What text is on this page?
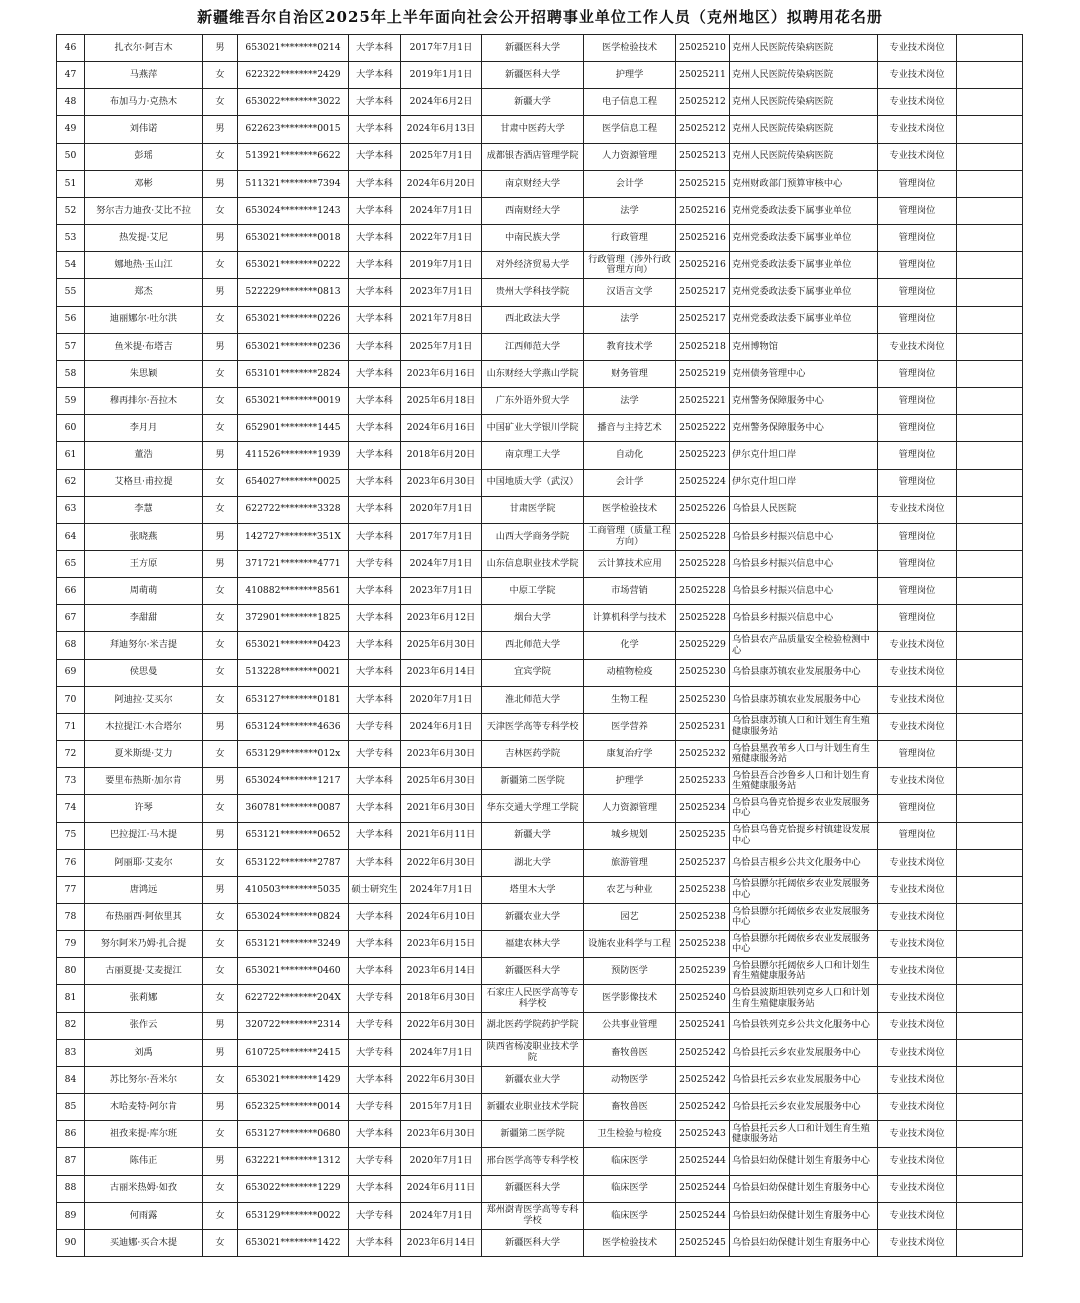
新疆维吾尔自治区2025年上半年面向社会公开招聘事业单位工作人员（克州地区）拟聘用花名册
46	扎衣尔·阿吉木	男	653021********0214	大学本科	2017年7月1日	新疆医科大学	医学检验技术	25025210	克州人民医院传染病医院	专业技术岗位	
47	马燕萍	女	622322********2429	大学本科	2019年1月1日	新疆医科大学	护理学	25025211	克州人民医院传染病医院	专业技术岗位	
48	布加马力·克热木	女	653022********3022	大学本科	2024年6月2日	新疆大学	电子信息工程	25025212	克州人民医院传染病医院	专业技术岗位	
49	刘伟诺	男	622623********0015	大学本科	2024年6月13日	甘肃中医药大学	医学信息工程	25025212	克州人民医院传染病医院	专业技术岗位	
50	彭瑶	女	513921********6622	大学本科	2025年7月1日	成都银杏酒店管理学院	人力资源管理	25025213	克州人民医院传染病医院	专业技术岗位	
51	邓彬	男	511321********7394	大学本科	2024年6月20日	南京财经大学	会计学	25025215	克州财政部门预算审核中心	管理岗位	
52	努尔吉力迪孜·艾比不拉	女	653024********1243	大学本科	2024年7月1日	西南财经大学	法学	25025216	克州党委政法委下属事业单位	管理岗位	
53	热发提·艾尼	男	653021********0018	大学本科	2022年7月1日	中南民族大学	行政管理	25025216	克州党委政法委下属事业单位	管理岗位	
54	娜地热·玉山江	女	653021********0222	大学本科	2019年7月1日	对外经济贸易大学	行政管理（涉外行政管理方向）	25025216	克州党委政法委下属事业单位	管理岗位	
55	郑杰	男	522229********0813	大学本科	2023年7月1日	贵州大学科技学院	汉语言文学	25025217	克州党委政法委下属事业单位	管理岗位	
56	迪丽娜尔·吐尔洪	女	653021********0226	大学本科	2021年7月8日	西北政法大学	法学	25025217	克州党委政法委下属事业单位	管理岗位	
57	鱼米提·布塔吉	男	653021********0236	大学本科	2025年7月1日	江西师范大学	教育技术学	25025218	克州博物馆	专业技术岗位	
58	朱思颖	女	653101********2824	大学本科	2023年6月16日	山东财经大学燕山学院	财务管理	25025219	克州债务管理中心	管理岗位	
59	穆再排尔·吾拉木	女	653021********0019	大学本科	2025年6月18日	广东外语外贸大学	法学	25025221	克州警务保障服务中心	管理岗位	
60	李月月	女	652901********1445	大学本科	2024年6月16日	中国矿业大学银川学院	播音与主持艺术	25025222	克州警务保障服务中心	管理岗位	
61	董浩	男	411526********1939	大学本科	2018年6月20日	南京理工大学	自动化	25025223	伊尔克什坦口岸	管理岗位	
62	艾格旦·甫拉提	女	654027********0025	大学本科	2023年6月30日	中国地质大学（武汉）	会计学	25025224	伊尔克什坦口岸	管理岗位	
63	李慧	女	622722********3328	大学本科	2020年7月1日	甘肃医学院	医学检验技术	25025226	乌恰县人民医院	专业技术岗位	
64	张晓燕	男	142727********351X	大学本科	2017年7月1日	山西大学商务学院	工商管理（质量工程方向）	25025228	乌恰县乡村振兴信息中心	管理岗位	
65	王方原	男	371721********4771	大学专科	2024年7月1日	山东信息职业技术学院	云计算技术应用	25025228	乌恰县乡村振兴信息中心	管理岗位	
66	周萌萌	女	410882********8561	大学本科	2023年7月1日	中原工学院	市场营销	25025228	乌恰县乡村振兴信息中心	管理岗位	
67	李甜甜	女	372901********1825	大学本科	2023年6月12日	烟台大学	计算机科学与技术	25025228	乌恰县乡村振兴信息中心	管理岗位	
68	拜迪努尔·米吉提	女	653021********0423	大学本科	2025年6月30日	西北师范大学	化学	25025229	乌恰县农产品质量安全检验检测中心	专业技术岗位	
69	侯思曼	女	513228********0021	大学本科	2023年6月14日	宜宾学院	动植物检疫	25025230	乌恰县康苏镇农业发展服务中心	专业技术岗位	
70	阿迪拉·艾买尔	女	653127********0181	大学本科	2020年7月1日	淮北师范大学	生物工程	25025230	乌恰县康苏镇农业发展服务中心	专业技术岗位	
71	木拉提江·木合塔尔	男	653124********4636	大学专科	2024年6月1日	天津医学高等专科学校	医学营养	25025231	乌恰县康苏镇人口和计划生育生殖健康服务站	专业技术岗位	
72	夏米斯缇·艾力	女	653129********012x	大学专科	2023年6月30日	吉林医药学院	康复治疗学	25025232	乌恰县黑孜苇乡人口与计划生育生殖健康服务站	管理岗位	
73	要里布热斯·加尔肯	男	653024********1217	大学本科	2025年6月30日	新疆第二医学院	护理学	25025233	乌恰县吾合沙鲁乡人口和计划生育生殖健康服务站	专业技术岗位	
74	许琴	女	360781********0087	大学本科	2021年6月30日	华东交通大学理工学院	人力资源管理	25025234	乌恰县乌鲁克恰提乡农业发展服务中心	管理岗位	
75	巴拉提江·马木提	男	653121********0652	大学本科	2021年6月11日	新疆大学	城乡规划	25025235	乌恰县乌鲁克恰提乡村镇建设发展中心	管理岗位	
76	阿丽耶·艾麦尔	女	653122********2787	大学本科	2022年6月30日	湖北大学	旅游管理	25025237	乌恰县吉根乡公共文化服务中心	专业技术岗位	
77	唐鸿远	男	410503********5035	硕士研究生	2024年7月1日	塔里木大学	农艺与种业	25025238	乌恰县膘尔托阔依乡农业发展服务中心	专业技术岗位	
78	布热丽西·阿依里其	女	653024********0824	大学本科	2024年6月10日	新疆农业大学	园艺	25025238	乌恰县膘尔托阔依乡农业发展服务中心	专业技术岗位	
79	努尔阿米乃姆·扎合提	女	653121********3249	大学本科	2023年6月15日	福建农林大学	设施农业科学与工程	25025238	乌恰县膘尔托阔依乡农业发展服务中心	专业技术岗位	
80	古丽夏提·艾麦提江	女	653021********0460	大学本科	2023年6月14日	新疆医科大学	预防医学	25025239	乌恰县膘尔托阔依乡人口和计划生育生殖健康服务站	专业技术岗位	
81	张莉娜	女	622722********204X	大学专科	2018年6月30日	石家庄人民医学高等专科学校	医学影像技术	25025240	乌恰县波斯坦铁列克乡人口和计划生育生殖健康服务站	专业技术岗位	
82	张作云	男	320722********2314	大学专科	2022年6月30日	湖北医药学院药护学院	公共事业管理	25025241	乌恰县铁列克乡公共文化服务中心	专业技术岗位	
83	刘禹	男	610725********2415	大学专科	2024年7月1日	陕西省杨凌职业技术学院	畜牧兽医	25025242	乌恰县托云乡农业发展服务中心	专业技术岗位	
84	苏比努尔·吾米尔	女	653021********1429	大学本科	2022年6月30日	新疆农业大学	动物医学	25025242	乌恰县托云乡农业发展服务中心	专业技术岗位	
85	木哈麦特·阿尔肯	男	652325********0014	大学专科	2015年7月1日	新疆农业职业技术学院	畜牧兽医	25025242	乌恰县托云乡农业发展服务中心	专业技术岗位	
86	祖孜来提·库尔班	女	653127********0680	大学本科	2023年6月30日	新疆第二医学院	卫生检验与检疫	25025243	乌恰县托云乡人口和计划生育生殖健康服务站	专业技术岗位	
87	陈伟正	男	632221********1312	大学专科	2020年7月1日	邢台医学高等专科学校	临床医学	25025244	乌恰县妇幼保健计划生育服务中心	专业技术岗位	
88	古丽米热姆·如孜	女	653022********1229	大学本科	2024年6月11日	新疆医科大学	临床医学	25025244	乌恰县妇幼保健计划生育服务中心	专业技术岗位	
89	何雨露	女	653129********0022	大学专科	2024年7月1日	郑州澍青医学高等专科学校	临床医学	25025244	乌恰县妇幼保健计划生育服务中心	专业技术岗位	
90	买迪娜·买合木提	女	653021********1422	大学本科	2023年6月14日	新疆医科大学	医学检验技术	25025245	乌恰县妇幼保健计划生育服务中心	专业技术岗位	
